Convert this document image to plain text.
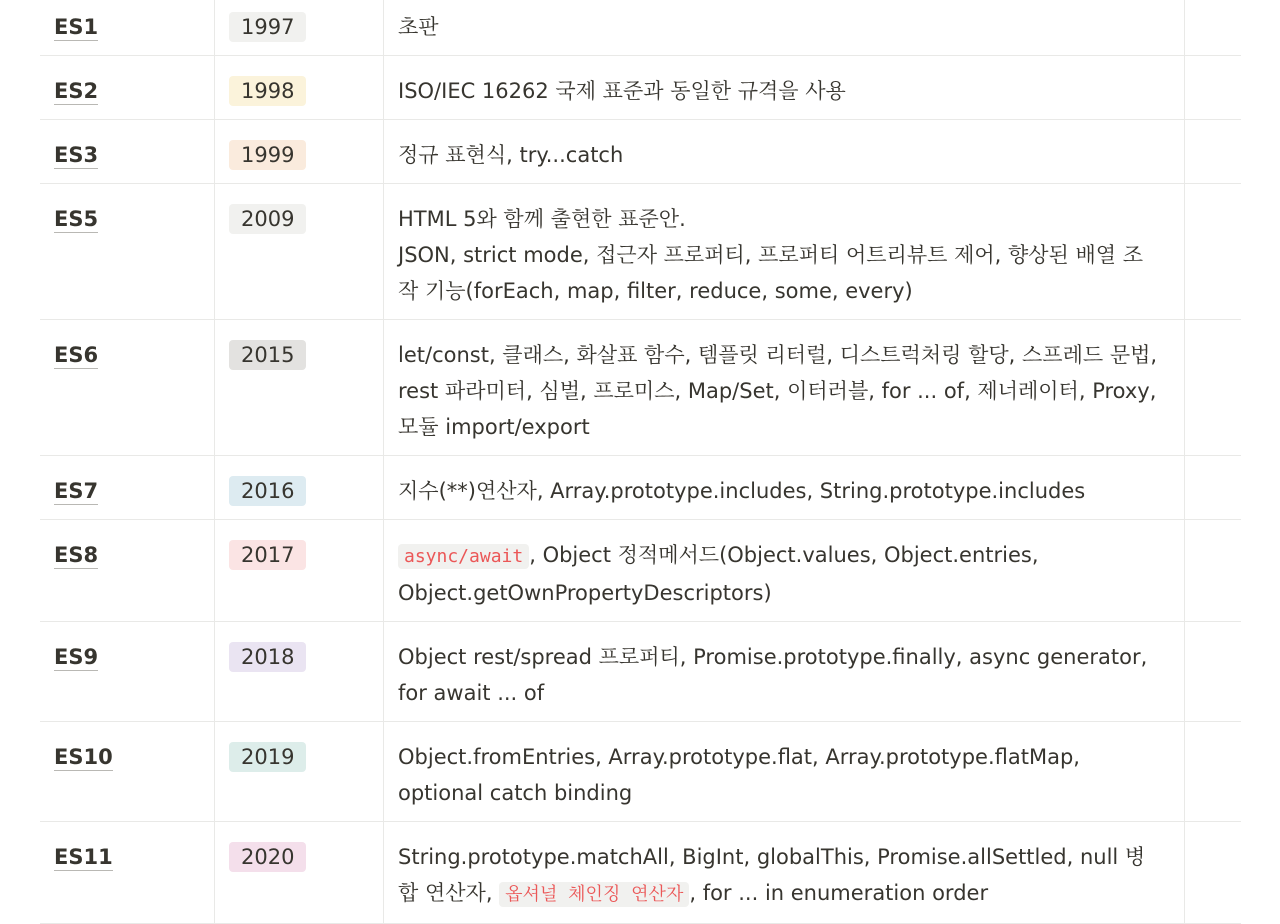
ES1	1997	초판	

ES2	1998	ISO/IEC 16262 국제 표준과 동일한 규격을 사용	

ES3	1999	정규 표현식, try...catch	

ES5	2009	HTML 5와 함께 출현한 표준안.
JSON, strict mode, 접근자 프로퍼티, 프로퍼티 어트리뷰트 제어, 향상된 배열 조
작 기능(forEach, map, filter, reduce, some, every)	

ES6	2015	let/const, 클래스, 화살표 함수, 템플릿 리터럴, 디스트럭처링 할당, 스프레드 문법,
rest 파라미터, 심벌, 프로미스, Map/Set, 이터러블, for ... of, 제너레이터, Proxy,
모듈 import/export	

ES7	2016	지수(**)연산자, Array.prototype.includes, String.prototype.includes	

ES8	2017	async/await , Object 정적메서드(Object.values, Object.entries,
Object.getOwnPropertyDescriptors)	

ES9	2018	Object rest/spread 프로퍼티, Promise.prototype.finally, async generator,
for await ... of	

ES10	2019	Object.fromEntries, Array.prototype.flat, Array.prototype.flatMap,
optional catch binding	

ES11	2020	String.prototype.matchAll, BigInt, globalThis, Promise.allSettled, null 병
합 연산자, 옵셔널 체인징 연산자 , for ... in enumeration order	
